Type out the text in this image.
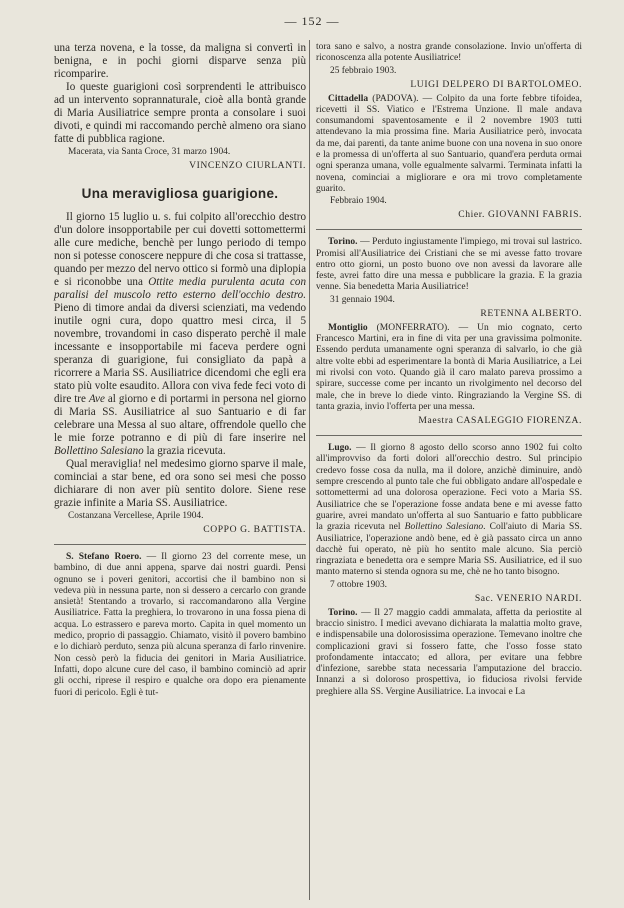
— 152 —

una terza novena, e la tosse, da maligna si convertì in benigna, e in pochi giorni disparve senza più ricomparire.

Io queste guarigioni così sorprendenti le attribuisco ad un intervento soprannaturale, cioè alla bontà grande di Maria Ausiliatrice sempre pronta a consolare i suoi divoti, e quindi mi raccomando perchè almeno ora siano fatte di pubblica ragione.

Macerata, via Santa Croce, 31 marzo 1904.
VINCENZO CIURLANTI.
Una meravigliosa guarigione.

Il giorno 15 luglio u. s. fui colpito all'orecchio destro d'un dolore insopportabile per cui dovetti sottomettermi alle cure mediche, benchè per lungo periodo di tempo non si potesse conoscere neppure di che cosa si trattasse, quando per mezzo del nervo ottico si formò una diplopia e si riconobbe una Ottite media purulenta acuta con paralisi del muscolo retto esterno dell'occhio destro. Pieno di timore andai da diversi scienziati, ma vedendo inutile ogni cura, dopo quattro mesi circa, il 5 novembre, trovandomi in caso disperato perchè il male incessante e insopportabile mi faceva perdere ogni speranza di guarigione, fui consigliato da papà a ricorrere a Maria SS. Ausiliatrice dicendomi che egli era stato più volte esaudito. Allora con viva fede feci voto di dire tre Ave al giorno e di portarmi in persona nel giorno di Maria SS. Ausiliatrice al suo Santuario e di far celebrare una Messa al suo altare, offrendole quello che le mie forze potranno e di più di fare inserire nel Bollettino Salesiano la grazia ricevuta.

Qual meraviglia! nel medesimo giorno sparve il male, cominciai a star bene, ed ora sono sei mesi che posso dichiarare di non aver più sentito dolore. Siene rese grazie infinite a Maria SS. Ausiliatrice.

Costanzana Vercellese, Aprile 1904.
COPPO G. BATTISTA.

S. Stefano Roero. — Il giorno 23 del corrente mese, un bambino, di due anni appena, sparve dai nostri guardi. Pensi ognuno se i poveri genitori, accortisi che il bambino non si vedeva più in nessuna parte, non si dessero a cercarlo con grande ansietà! Stentando a trovarlo, si raccomandarono alla Vergine Ausiliatrice. Fatta la preghiera, lo trovarono in una fossa piena di acqua. Lo estrassero e pareva morto. Capita in quel momento un medico, proprio di passaggio. Chiamato, visitò il povero bambino e lo dichiarò perduto, senza più alcuna speranza di farlo rinvenire. Non cessò però la fiducia dei genitori in Maria Ausiliatrice. Infatti, dopo alcune cure del caso, il bambino cominciò ad aprir gli occhi, riprese il respiro e qualche ora dopo era pienamente fuori di pericolo. Egli è tut-

tora sano e salvo, a nostra grande consolazione. Invio un'offerta di riconoscenza alla potente Ausiliatrice!

25 febbraio 1903.
LUIGI DELPERO DI BARTOLOMEO.

Cittadella (PADOVA). — Colpito da una forte febbre tifoidea, ricevetti il SS. Viatico e l'Estrema Unzione. Il male andava consumandomi spaventosamente e il 2 novembre 1903 tutti attendevano la mia prossima fine. Maria Ausiliatrice però, invocata da me, dai parenti, da tante anime buone con una novena in suo onore e la promessa di un'offerta al suo Santuario, quand'era perduta ormai ogni speranza umana, volle egualmente salvarmi. Terminata infatti la novena, cominciai a migliorare e ora mi trovo completamente guarito.

Febbraio 1904.
Chier. GIOVANNI FABRIS.

Torino. — Perduto ingiustamente l'impiego, mi trovai sul lastrico. Promisi all'Ausiliatrice dei Cristiani che se mi avesse fatto trovare entro otto giorni, un posto buono ove non avessi da lavorare alle feste, avrei fatto dire una messa e pubblicare la grazia. E la grazia venne. Sia benedetta Maria Ausiliatrice!

31 gennaio 1904.
RETENNA ALBERTO.

Montiglio (MONFERRATO). — Un mio cognato, certo Francesco Martini, era in fine di vita per una gravissima polmonite. Essendo perduta umanamente ogni speranza di salvarlo, io che già altre volte ebbi ad esperimentare la bontà di Maria Ausiliatrice, a Lei mi rivolsi con voto. Quando già il caro malato pareva prossimo a spirare, successe come per incanto un rivolgimento nel decorso del male, che in breve lo diede vinto. Ringraziando la Vergine SS. di tanta grazia, invio l'offerta per una messa.

Maestra CASALEGGIO FIORENZA.

Lugo. — Il giorno 8 agosto dello scorso anno 1902 fui colto all'improvviso da forti dolori all'orecchio destro. Sul principio credevo fosse cosa da nulla, ma il dolore, anzichè diminuire, andò sempre crescendo al punto tale che fui obbligato andare all'ospedale e sottomettermi ad una dolorosa operazione. Feci voto a Maria SS. Ausiliatrice che se l'operazione fosse andata bene e mi avesse fatto guarire, avrei mandato un'offerta al suo Santuario e fatto pubblicare la grazia ricevuta nel Bollettino Salesiano. Coll'aiuto di Maria SS. Ausiliatrice, l'operazione andò bene, ed è già passato circa un anno dacchè fui operato, nè più ho sentito male alcuno. Sia perciò ringraziata e benedetta ora e sempre Maria SS. Ausiliatrice, ed il suo manto materno si stenda ognora su me, chè ne ho tanto bisogno.

7 ottobre 1903.
Sac. VENERIO NARDI.

Torino. — Il 27 maggio caddi ammalata, affetta da periostite al braccio sinistro. I medici avevano dichiarata la malattia molto grave, e indispensabile una dolorosissima operazione. Temevano inoltre che complicazioni gravi si fossero fatte, che l'osso fosse stato profondamente intaccato; ed allora, per evitare una febbre d'infezione, sarebbe stata necessaria l'amputazione del braccio. Innanzi a sì doloroso prospettiva, io fiduciosa rivolsi fervide preghiere alla SS. Vergine Ausiliatrice. La invocai e La
